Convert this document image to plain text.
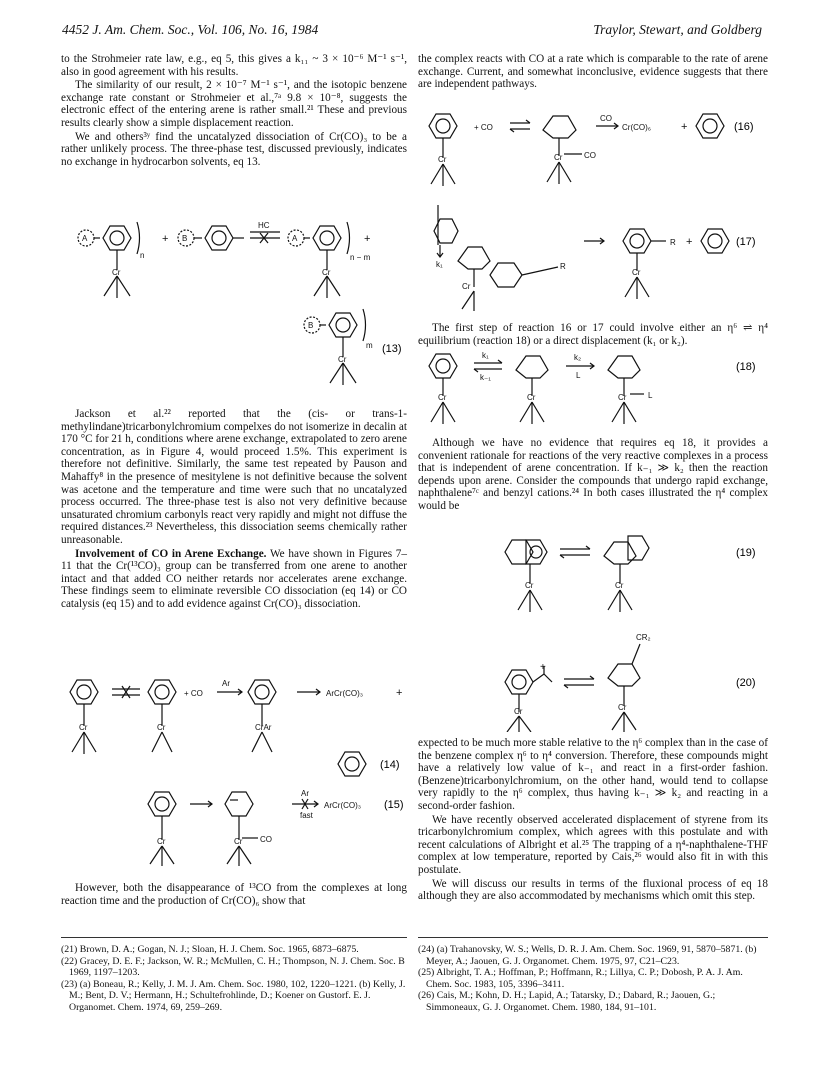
4452 J. Am. Chem. Soc., Vol. 106, No. 16, 1984	Traylor, Stewart, and Goldberg

to the Strohmeier rate law, e.g., eq 5, this gives a k₁₁ ~ 3 × 10⁻⁶ M⁻¹ s⁻¹, also in good agreement with his results.

The similarity of our result, 2 × 10⁻⁷ M⁻¹ s⁻¹, and the isotopic benzene exchange rate constant or Strohmeier et al.,⁷ᵃ 9.8 × 10⁻⁸, suggests the electronic effect of the entering arene is rather small.²¹ These and previous results clearly show a simple displacement reaction.

We and others³ʸ find the uncatalyzed dissociation of Cr(CO)₃ to be a rather unlikely process. The three-phase test, discussed previously, indicates no exchange in hydrocarbon solvents, eq 13.

A	B	A
B
Cr	Cr
Cr
HC
n	n − m
m
+	+
(13)

Jackson et al.²² reported that the (cis- or trans-1-methylindane)tricarbonylchromium compelxes do not isomerize in decalin at 170 °C for 21 h, conditions where arene exchange, extrapolated to zero arene concentration, as in Figure 4, would proceed 1.5%. This experiment is therefore not definitive. Similarly, the same test repeated by Pauson and Mahaffy⁸ in the presence of mesitylene is not definitive because the solvent was acetone and the temperature and time were such that no uncatalyzed process occurred. The three-phase test is also not very definitive because unsaturated chromium carbonyls react very rapidly and might not diffuse the required distances.²³ Nevertheless, this dissociation seems chemically rather unreasonable.

Involvement of CO in Arene Exchange. We have shown in Figures 7–11 that the Cr(¹³CO)₃ group can be transferred from one arene to another intact and that added CO neither retards nor accelerates arene exchange. These findings seem to eliminate reversible CO dissociation (eq 14) or CO catalysis (eq 15) and to add evidence against Cr(CO)₃ dissociation.

Cr	Cr	CrAr
+ CO
Ar
ArCr(CO)₃	+
(14)
Cr	Cr CO
Ar
fast
ArCr(CO)₃ (15)

However, both the disappearance of ¹³CO from the complexes at long reaction time and the production of Cr(CO)₆ show that

the complex reacts with CO at a rate which is comparable to the rate of arene exchange. Current, and somewhat inconclusive, evidence suggests that there are independent pathways.

Cr	Cr	CO
+ CO
CO
Cr(CO)₆	+	(16)
k₁
Cr
R
Cr
R +	(17)

The first step of reaction 16 or 17 could involve either an η⁶ ⇌ η⁴ equilibrium (reaction 18) or a direct displacement (k₁ or k₂).

Cr
k₁
k₋₁
k₂
L
Cr	Cr	L
(18)

Although we have no evidence that requires eq 18, it provides a convenient rationale for reactions of the very reactive complexes in a process that is independent of arene concentration. If k₋₁ ≫ k₂ then the reaction depends upon arene. Consider the compounds that undergo rapid exchange, naphthalene⁷ᶜ and benzyl cations.²⁴ In both cases illustrated the η⁴ complex would be

Cr	Cr
(19)
Cr	Cr
CR₂
+
(20)

expected to be much more stable relative to the η⁶ complex than in the case of the benzene complex η⁶ to η⁴ conversion. Therefore, these compounds might have a relatively low value of k₋₁ and react in a first-order fashion. (Benzene)tricarbonylchromium, on the other hand, would tend to collapse very rapidly to the η⁶ complex, thus having k₋₁ ≫ k₂ and reacting in a second-order fashion.

We have recently observed accelerated displacement of styrene from its tricarbonylchromium complex, which agrees with this postulate and with recent calculations of Albright et al.²⁵ The trapping of a η⁴-naphthalene-THF complex at low temperature, reported by Cais,²⁶ would also fit in with this postulate.

We will discuss our results in terms of the fluxional process of eq 18 although they are also accommodated by mechanisms which omit this step.

(21) Brown, D. A.; Gogan, N. J.; Sloan, H. J. Chem. Soc. 1965, 6873–6875.
(22) Gracey, D. E. F.; Jackson, W. R.; McMullen, C. H.; Thompson, N. J. Chem. Soc. B 1969, 1197–1203.
(23) (a) Boneau, R.; Kelly, J. M. J. Am. Chem. Soc. 1980, 102, 1220–1221. (b) Kelly, J. M.; Bent, D. V.; Hermann, H.; Schultefrohlinde, D.; Koener on Gustorf. E. J. Organomet. Chem. 1974, 69, 259–269.
(24) (a) Trahanovsky, W. S.; Wells, D. R. J. Am. Chem. Soc. 1969, 91, 5870–5871. (b) Meyer, A.; Jaouen, G. J. Organomet. Chem. 1975, 97, C21–C23.
(25) Albright, T. A.; Hoffman, P.; Hoffmann, R.; Lillya, C. P.; Dobosh, P. A. J. Am. Chem. Soc. 1983, 105, 3396–3411.
(26) Cais, M.; Kohn, D. H.; Lapid, A.; Tatarsky, D.; Dabard, R.; Jaouen, G.; Simmoneaux, G. J. Organomet. Chem. 1980, 184, 91–101.
